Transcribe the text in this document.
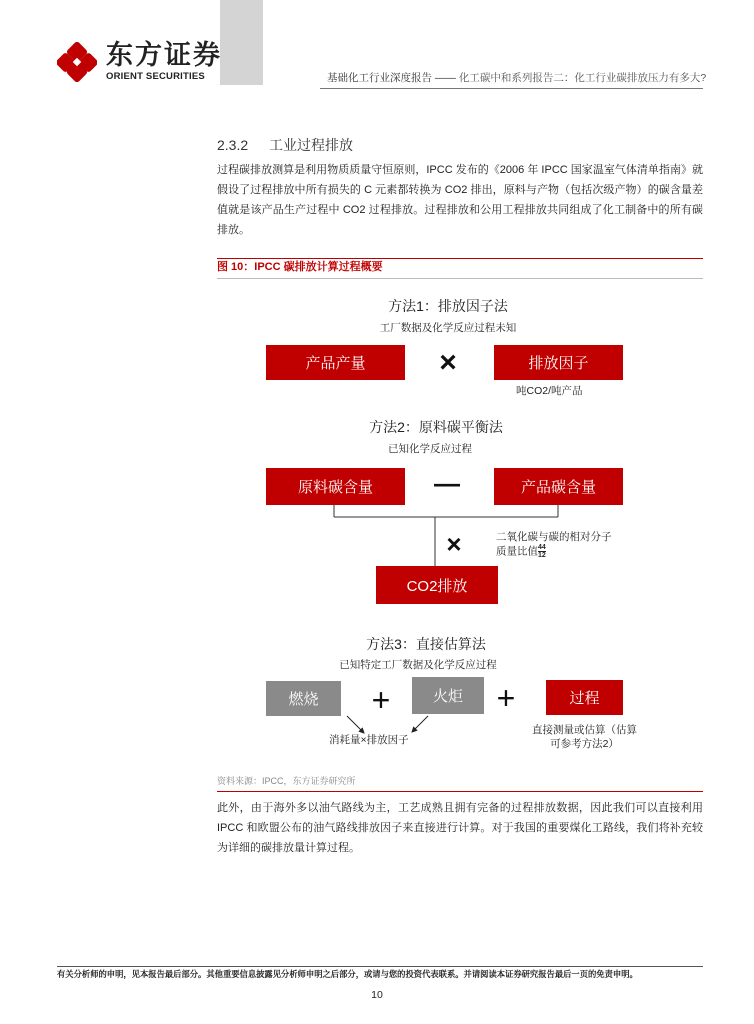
东方证券
ORIENT SECURITIES	基础化工行业深度报告 —— 化工碳中和系列报告二：化工行业碳排放压力有多大?
2.3.2 工业过程排放
过程碳排放测算是利用物质质量守恒原则，IPCC 发布的《2006 年 IPCC 国家温室气体清单指南》就假设了过程排放中所有损失的 C 元素都转换为 CO2 排出，原料与产物（包括次级产物）的碳含量差值就是该产品生产过程中 CO2 过程排放。过程排放和公用工程排放共同组成了化工制备中的所有碳排放。
图 10：IPCC 碳排放计算过程概要
方法1：排放因子法
工厂数据及化学反应过程未知
产品产量	×	排放因子
吨CO2/吨产品
方法2：原料碳平衡法
已知化学反应过程
原料碳含量	—	产品碳含量
×	二氧化碳与碳的相对分子
质量比值 $\frac{44}{12}$
CO2排放
方法3：直接估算法
已知特定工厂数据及化学反应过程
燃烧	+	火炬	+	过程
消耗量×排放因子
直接测量或估算（估算
可参考方法2）
资料来源：IPCC，东方证券研究所
此外，由于海外多以油气路线为主，工艺成熟且拥有完备的过程排放数据，因此我们可以直接利用 IPCC 和欧盟公布的油气路线排放因子来直接进行计算。对于我国的重要煤化工路线，我们将补充较为详细的碳排放量计算过程。
有关分析师的申明，见本报告最后部分。其他重要信息披露见分析师申明之后部分，或请与您的投资代表联系。并请阅读本证券研究报告最后一页的免责申明。
10
